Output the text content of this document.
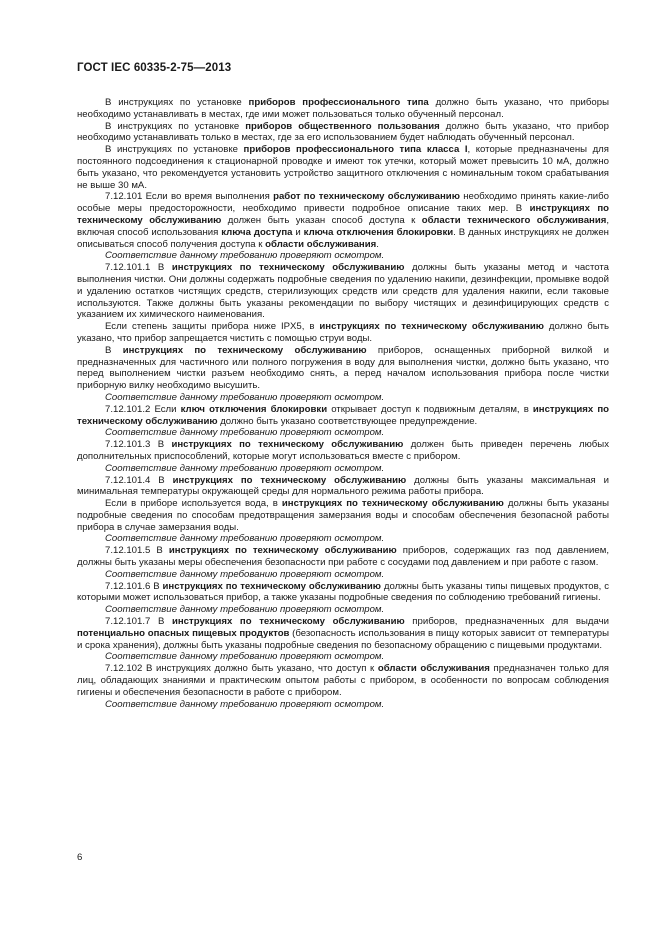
ГОСТ IEC 60335-2-75—2013

В инструкциях по установке приборов профессионального типа должно быть указано, что приборы необходимо устанавливать в местах, где ими может пользоваться только обученный персонал.

В инструкциях по установке приборов общественного пользования должно быть указано, что прибор необходимо устанавливать только в местах, где за его использованием будет наблюдать обученный персонал.

В инструкциях по установке приборов профессионального типа класса I, которые предназначены для постоянного подсоединения к стационарной проводке и имеют ток утечки, который может превысить 10 мА, должно быть указано, что рекомендуется установить устройство защитного отключения с номинальным током срабатывания не выше 30 мА.

7.12.101 Если во время выполнения работ по техническому обслуживанию необходимо принять какие-либо особые меры предосторожности, необходимо привести подробное описание таких мер. В инструкциях по техническому обслуживанию должен быть указан способ доступа к области технического обслуживания, включая способ использования ключа доступа и ключа отключения блокировки. В данных инструкциях не должен описываться способ получения доступа к области обслуживания.

Соответствие данному требованию проверяют осмотром.

7.12.101.1 В инструкциях по техническому обслуживанию должны быть указаны метод и частота выполнения чистки. Они должны содержать подробные сведения по удалению накипи, дезинфекции, промывке водой и удалению остатков чистящих средств, стерилизующих средств или средств для удаления накипи, если таковые используются. Также должны быть указаны рекомендации по выбору чистящих и дезинфицирующих средств с указанием их химического наименования.

Если степень защиты прибора ниже IPX5, в инструкциях по техническому обслуживанию должно быть указано, что прибор запрещается чистить с помощью струи воды.

В инструкциях по техническому обслуживанию приборов, оснащенных приборной вилкой и предназначенных для частичного или полного погружения в воду для выполнения чистки, должно быть указано, что перед выполнением чистки разъем необходимо снять, а перед началом использования прибора после чистки приборную вилку необходимо высушить.

Соответствие данному требованию проверяют осмотром.

7.12.101.2 Если ключ отключения блокировки открывает доступ к подвижным деталям, в инструкциях по техническому обслуживанию должно быть указано соответствующее предупреждение.

Соответствие данному требованию проверяют осмотром.

7.12.101.3 В инструкциях по техническому обслуживанию должен быть приведен перечень любых дополнительных приспособлений, которые могут использоваться вместе с прибором.

Соответствие данному требованию проверяют осмотром.

7.12.101.4 В инструкциях по техническому обслуживанию должны быть указаны максимальная и минимальная температуры окружающей среды для нормального режима работы прибора.

Если в приборе используется вода, в инструкциях по техническому обслуживанию должны быть указаны подробные сведения по способам предотвращения замерзания воды и способам обеспечения безопасной работы прибора в случае замерзания воды.

Соответствие данному требованию проверяют осмотром.

7.12.101.5 В инструкциях по техническому обслуживанию приборов, содержащих газ под давлением, должны быть указаны меры обеспечения безопасности при работе с сосудами под давлением и при работе с газом.

Соответствие данному требованию проверяют осмотром.

7.12.101.6 В инструкциях по техническому обслуживанию должны быть указаны типы пищевых продуктов, с которыми может использоваться прибор, а также указаны подробные сведения по соблюдению требований гигиены.

Соответствие данному требованию проверяют осмотром.

7.12.101.7 В инструкциях по техническому обслуживанию приборов, предназначенных для выдачи потенциально опасных пищевых продуктов (безопасность использования в пищу которых зависит от температуры и срока хранения), должны быть указаны подробные сведения по безопасному обращению с пищевыми продуктами.

Соответствие данному требованию проверяют осмотром.

7.12.102 В инструкциях должно быть указано, что доступ к области обслуживания предназначен только для лиц, обладающих знаниями и практическим опытом работы с прибором, в особенности по вопросам соблюдения гигиены и обеспечения безопасности в работе с прибором.

Соответствие данному требованию проверяют осмотром.

6
